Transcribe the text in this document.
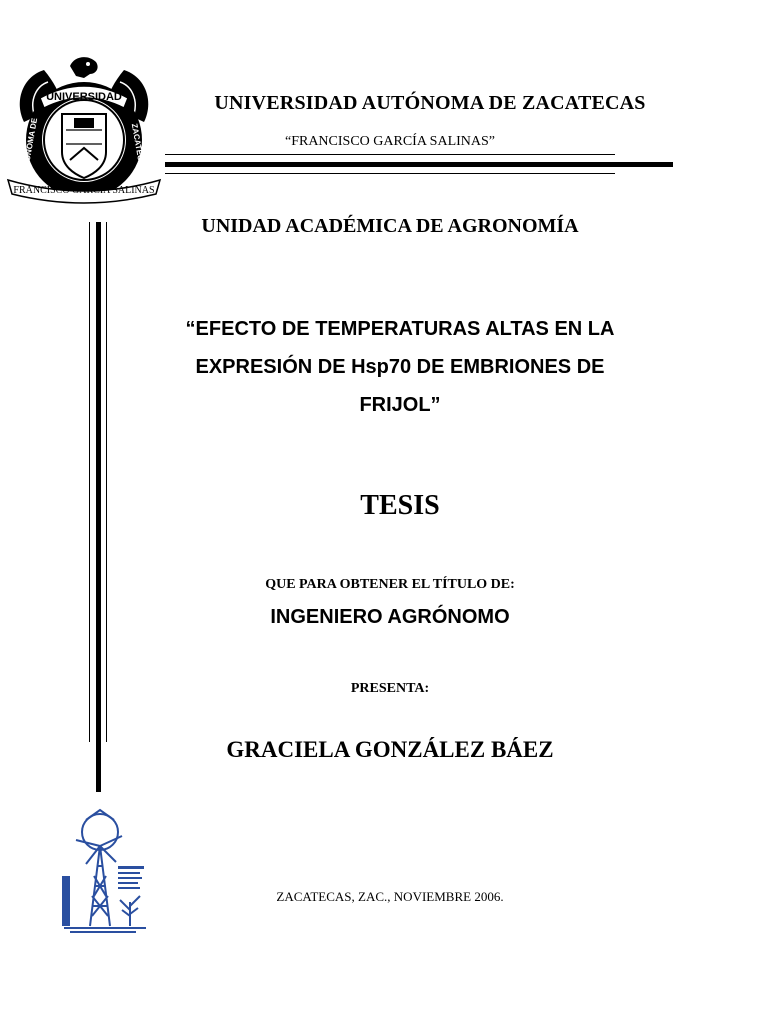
UNIVERSIDAD
AUTONOMA DE	ZACATECAS
FRANCISCO GARCIA SALINAS
UNIVERSIDAD AUTÓNOMA DE ZACATECAS
“FRANCISCO GARCÍA SALINAS”
UNIDAD ACADÉMICA DE AGRONOMÍA
“EFECTO DE TEMPERATURAS ALTAS EN LA
EXPRESIÓN DE Hsp70 DE EMBRIONES DE
FRIJOL”
TESIS
QUE PARA OBTENER EL TÍTULO DE:
INGENIERO AGRÓNOMO
PRESENTA:
GRACIELA GONZÁLEZ BÁEZ
ZACATECAS, ZAC., NOVIEMBRE 2006.
